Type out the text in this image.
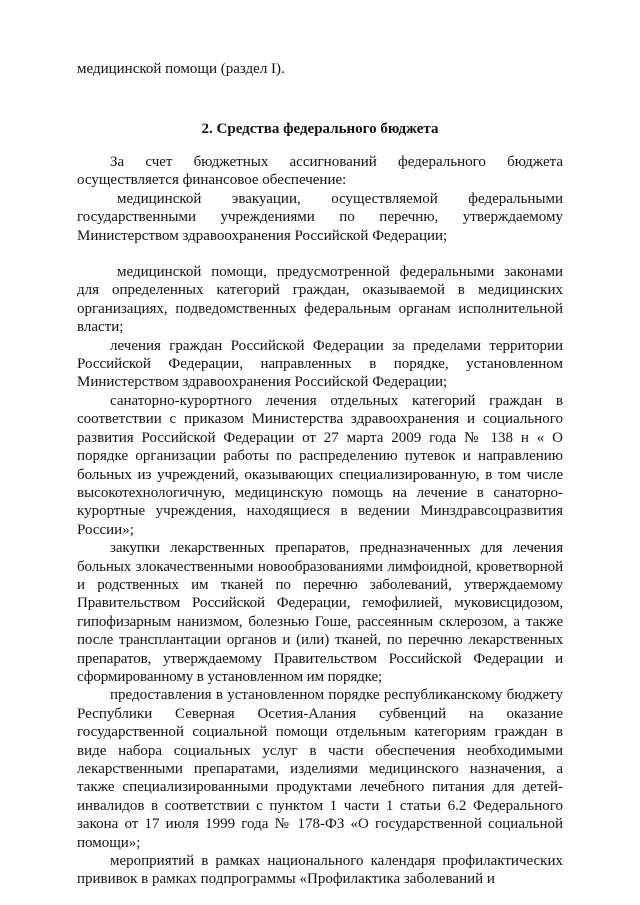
медицинской помощи (раздел I).
2. Средства федерального бюджета

За счет бюджетных ассигнований федерального бюджета осуществляется финансовое обеспечение:

медицинской эвакуации, осуществляемой федеральными государственными учреждениями по перечню, утверждаемому Министерством здравоохранения Российской Федерации;

медицинской помощи, предусмотренной федеральными законами для определенных категорий граждан, оказываемой в медицинских организациях, подведомственных федеральным органам исполнительной власти;

лечения граждан Российской Федерации за пределами территории Российской Федерации, направленных в порядке, установленном Министерством здравоохранения Российской Федерации;

санаторно-курортного лечения отдельных категорий граждан в соответствии с приказом Министерства здравоохранения и социального развития Российской Федерации от 27 марта 2009 года № 138 н « О порядке организации работы по распределению путевок и направлению больных из учреждений, оказывающих специализированную, в том числе высокотехнологичную, медицинскую помощь на лечение в санаторно-курортные учреждения, находящиеся в ведении Минздравсоцразвития России»;

закупки лекарственных препаратов, предназначенных для лечения больных злокачественными новообразованиями лимфоидной, кроветворной и родственных им тканей по перечню заболеваний, утверждаемому Правительством Российской Федерации, гемофилией, муковисцидозом, гипофизарным нанизмом, болезнью Гоше, рассеянным склерозом, а также после трансплантации органов и (или) тканей, по перечню лекарственных препаратов, утверждаемому Правительством Российской Федерации и сформированному в установленном им порядке;

предоставления в установленном порядке республиканскому бюджету Республики Северная Осетия-Алания субвенций на оказание государственной социальной помощи отдельным категориям граждан в виде набора социальных услуг в части обеспечения необходимыми лекарственными препаратами, изделиями медицинского назначения, а также специализированными продуктами лечебного питания для детей-инвалидов в соответствии с пунктом 1 части 1 статьи 6.2 Федерального закона от 17 июля 1999 года № 178-ФЗ «О государственной социальной помощи»;

мероприятий в рамках национального календаря профилактических прививок в рамках подпрограммы «Профилактика заболеваний и
